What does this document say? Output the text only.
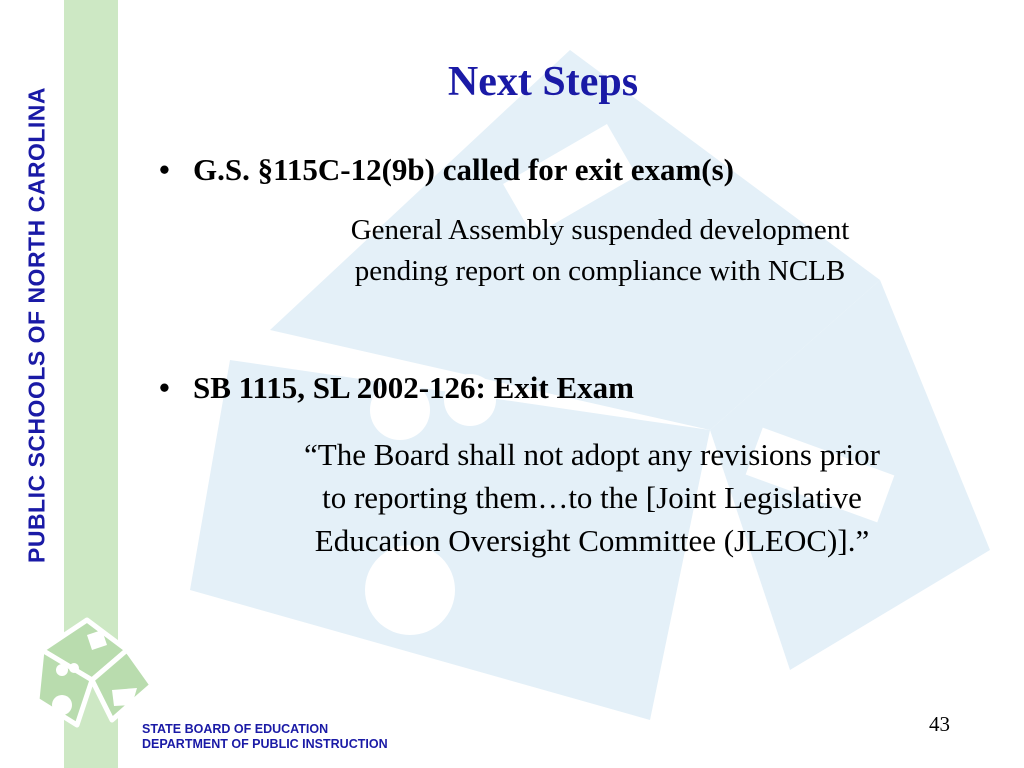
PUBLIC SCHOOLS OF NORTH CAROLINA
Next Steps
• G.S. §115C-12(9b) called for exit exam(s)
General Assembly suspended development
pending report on compliance with NCLB
• SB 1115, SL 2002-126: Exit Exam
“The Board shall not adopt any revisions prior
to reporting them…to the [Joint Legislative
Education Oversight Committee (JLEOC)].”
STATE BOARD OF EDUCATION
DEPARTMENT OF PUBLIC INSTRUCTION
43
